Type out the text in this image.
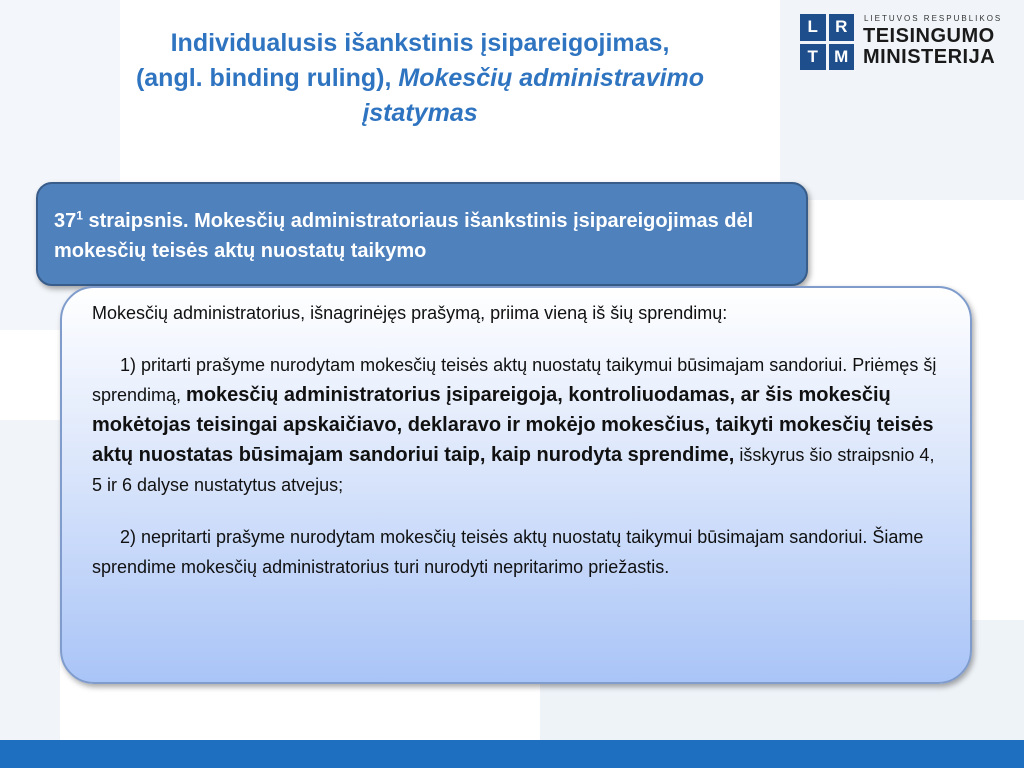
Individualusis išankstinis įsipareigojimas,
(angl. binding ruling), Mokesčių administravimo
įstatymas
L	R
T M
LIETUVOS RESPUBLIKOS
TEISINGUMO
MINISTERIJA
$37^1$ straipsnis. Mokesčių administratoriaus išankstinis įsipareigojimas dėl mokesčių teisės aktų nuostatų taikymo

Mokesčių administratorius, išnagrinėjęs prašymą, priima vieną iš šių sprendimų:

1) pritarti prašyme nurodytam mokesčių teisės aktų nuostatų taikymui būsimajam sandoriui. Priėmęs šį sprendimą, mokesčių administratorius įsipareigoja, kontroliuodamas, ar šis mokesčių mokėtojas teisingai apskaičiavo, deklaravo ir mokėjo mokesčius, taikyti mokesčių teisės aktų nuostatas būsimajam sandoriui taip, kaip nurodyta sprendime, išskyrus šio straipsnio 4, 5 ir 6 dalyse nustatytus atvejus;

2) nepritarti prašyme nurodytam mokesčių teisės aktų nuostatų taikymui būsimajam sandoriui. Šiame sprendime mokesčių administratorius turi nurodyti nepritarimo priežastis.
